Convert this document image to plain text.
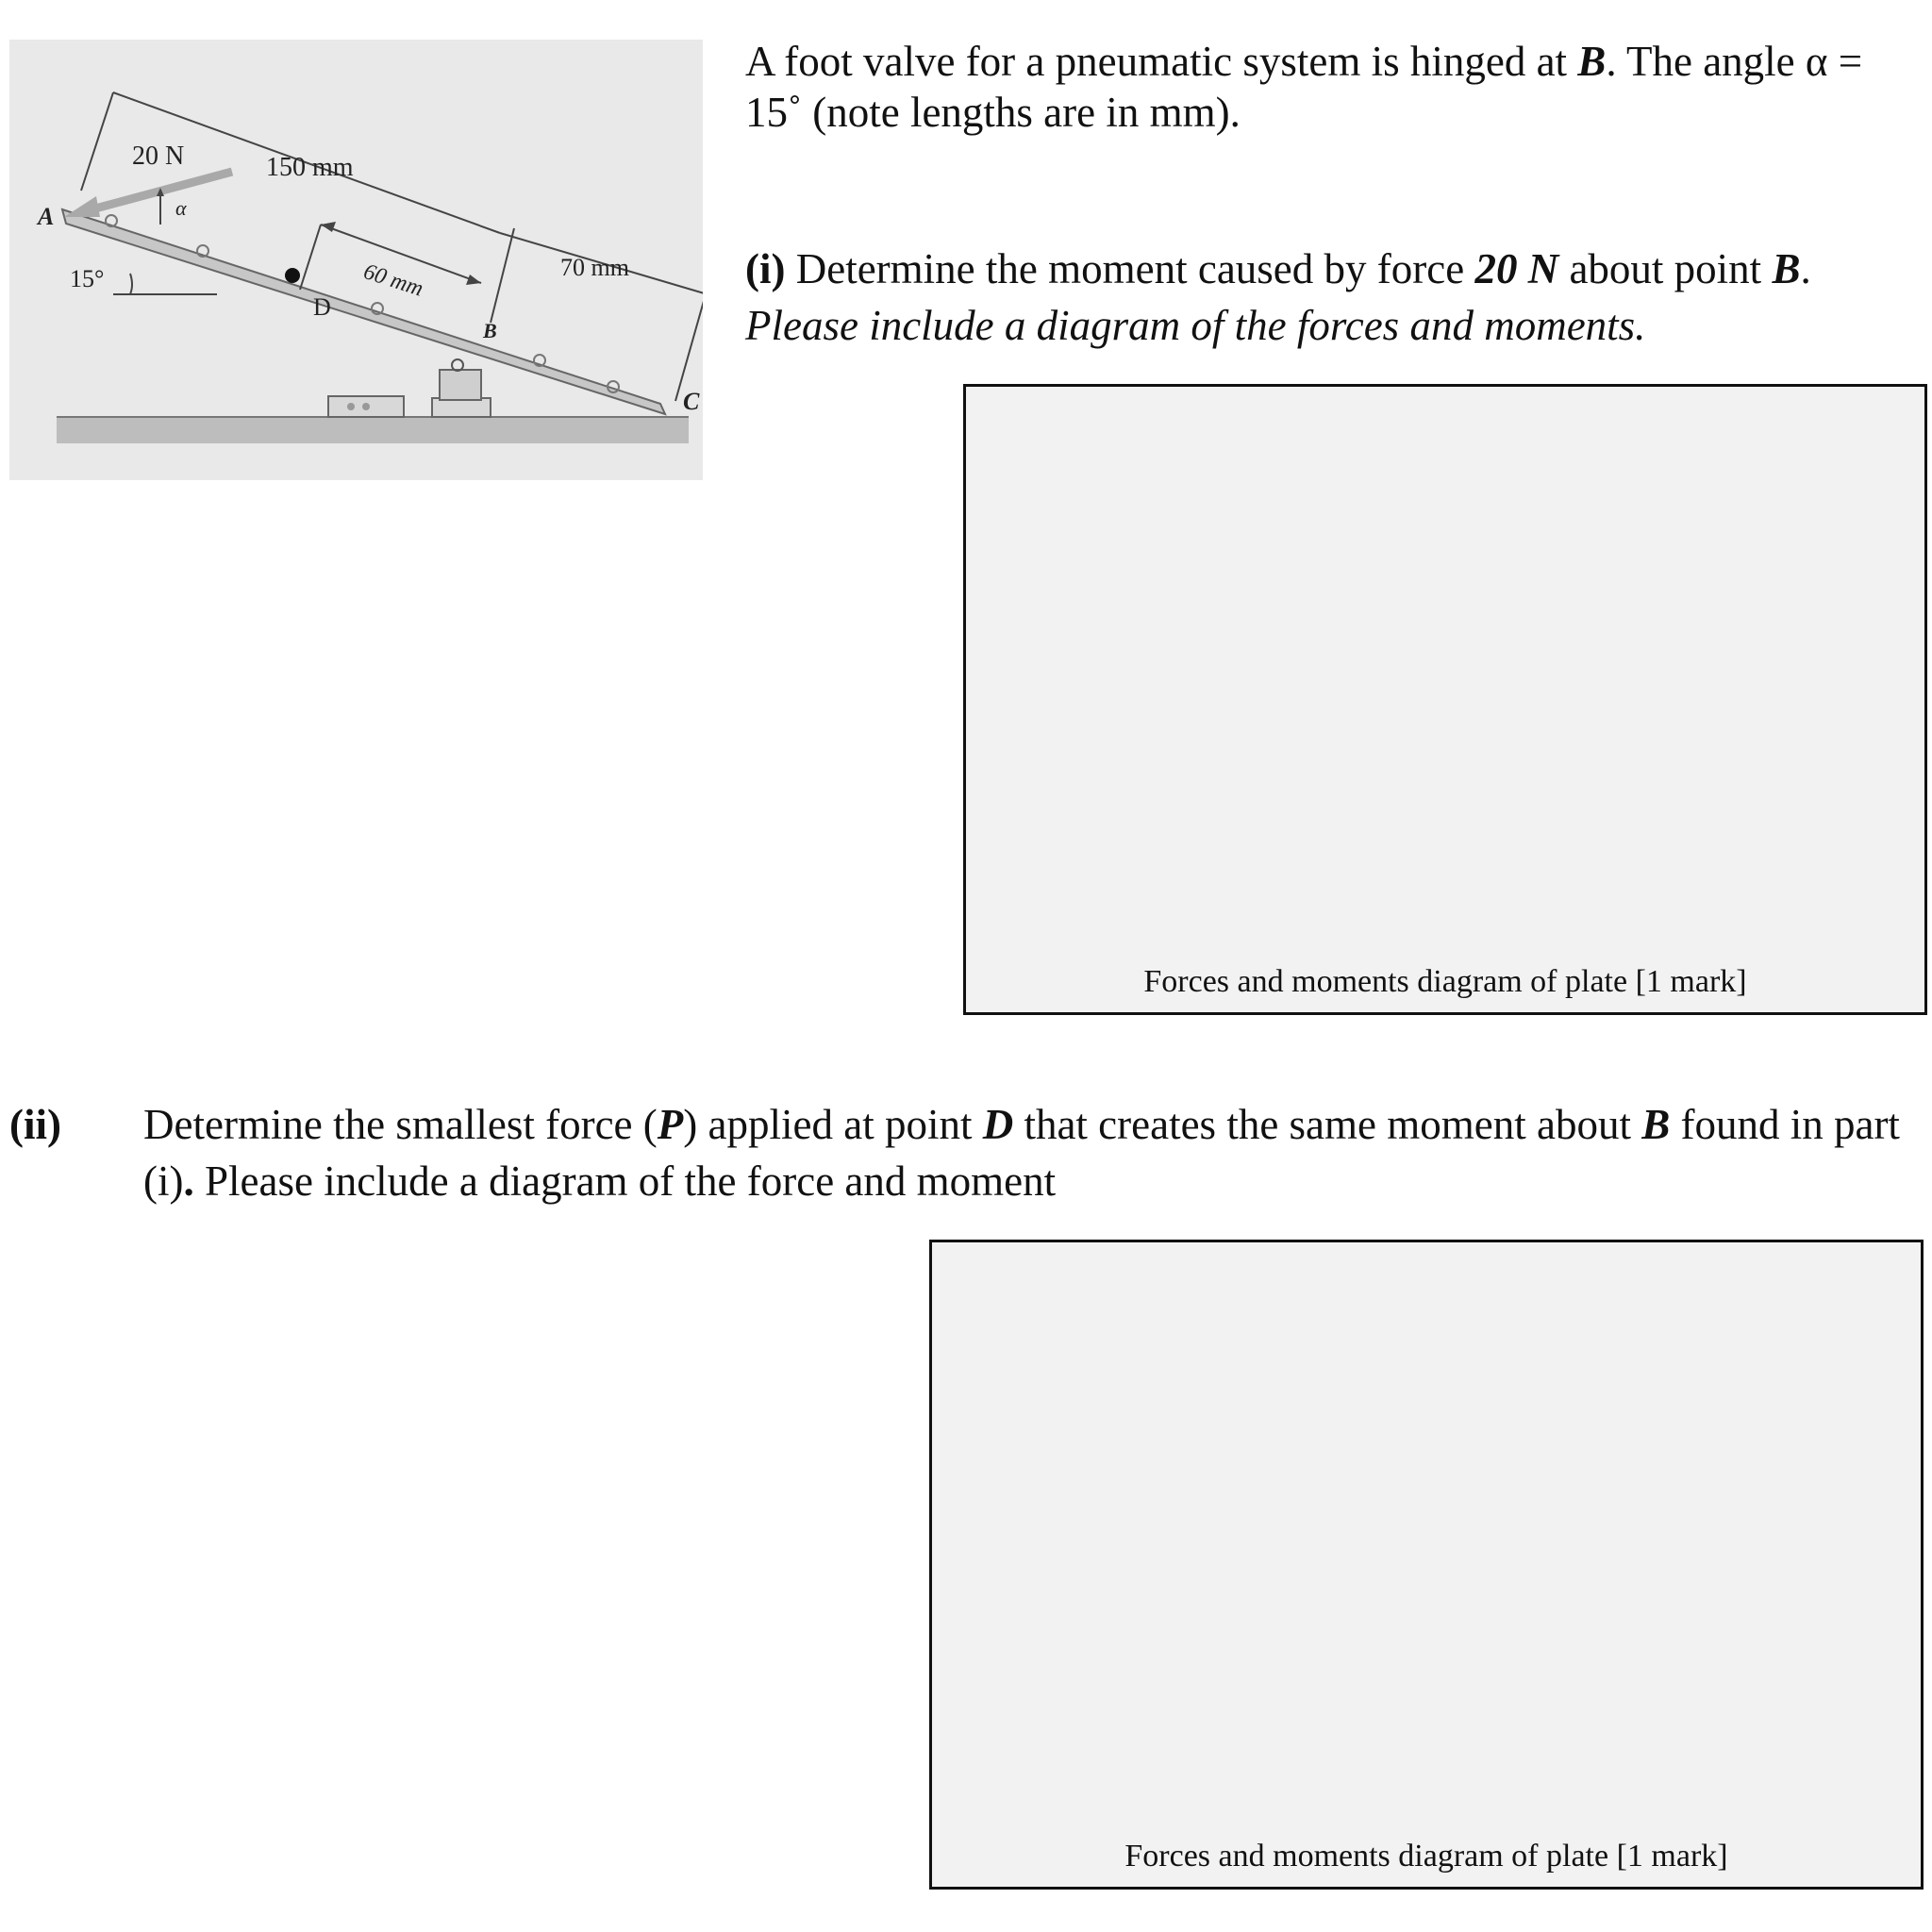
20 N
α
150 mm
60 mm	70 mm
15°
A
B
C
D

A foot valve for a pneumatic system is hinged at B. The angle α = 15˚ (note lengths are in mm).

(i) Determine the moment caused by force 20 N about point B.
Please include a diagram of the forces and moments.

Forces and moments diagram of plate [1 mark]
(ii) Determine the smallest force (P) applied at point D that creates the same moment about B found in part (i). Please include a diagram of the force and moment

Forces and moments diagram of plate [1 mark]
